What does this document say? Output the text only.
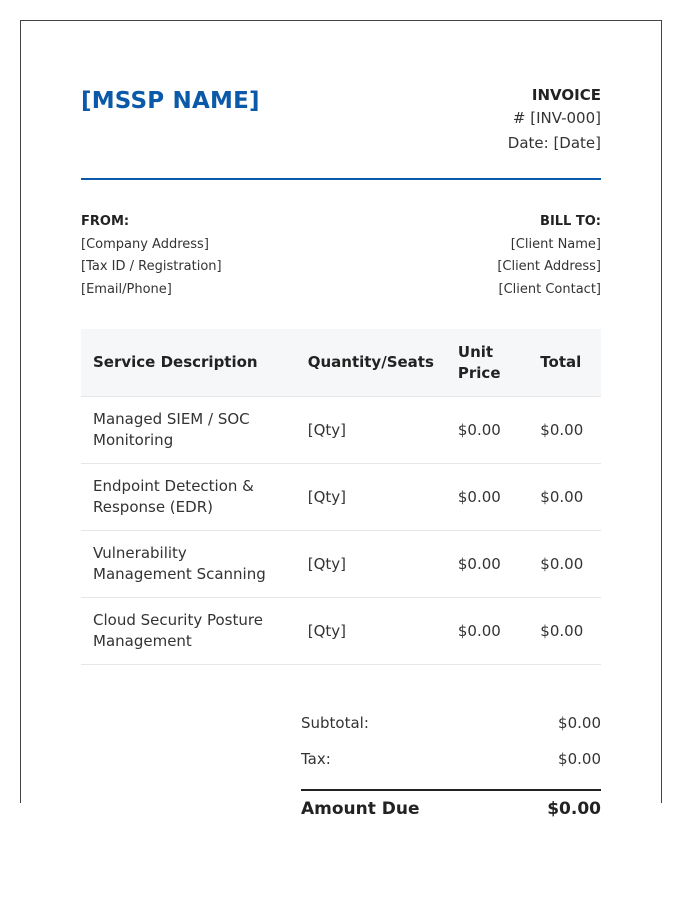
[MSSP NAME]	INVOICE
# [INV-000]
Date: [Date]
FROM:
[Company Address]
[Tax ID / Registration]
[Email/Phone]
BILL TO:
[Client Name]
[Client Address]
[Client Contact]
Service Description	Quantity/Seats	Unit Price	Total
Managed SIEM / SOC Monitoring	[Qty]	$0.00	$0.00
Endpoint Detection & Response (EDR)	[Qty]	$0.00	$0.00
Vulnerability Management Scanning	[Qty]	$0.00	$0.00
Cloud Security Posture Management	[Qty]	$0.00	$0.00
Subtotal:	$0.00
Tax:	$0.00
Amount Due	$0.00
